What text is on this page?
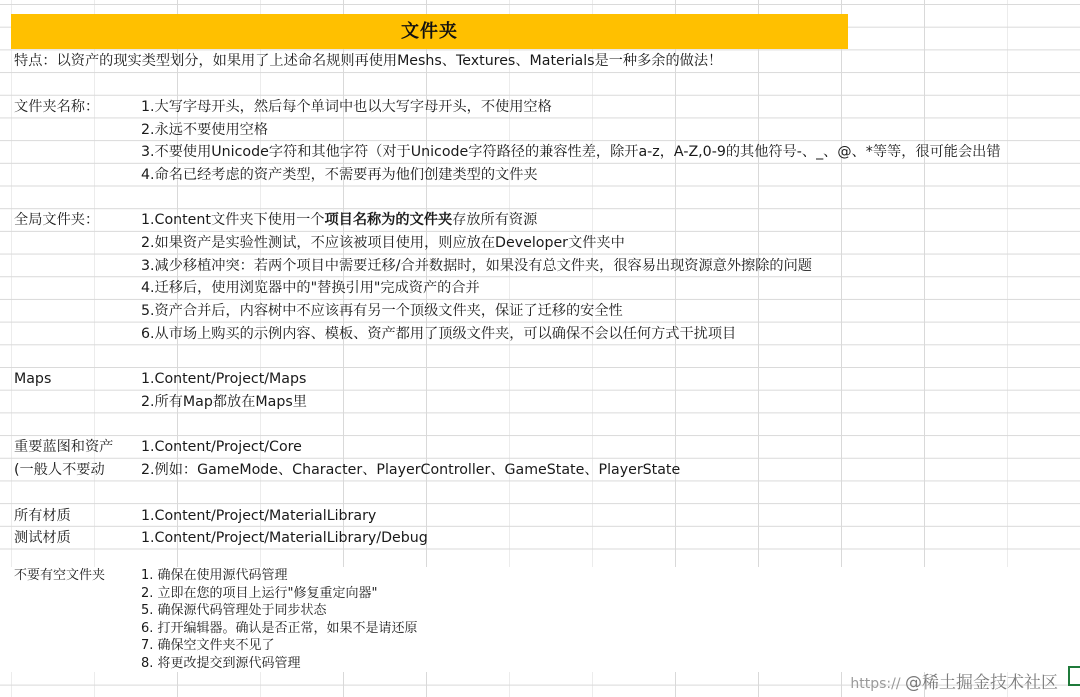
文件夹
特点：以资产的现实类型划分，如果用了上述命名规则再使用Meshs、Textures、Materials是一种多余的做法！
文件夹名称：	1.大写字母开头，然后每个单词中也以大写字母开头，不使用空格
2.永远不要使用空格
3.不要使用Unicode字符和其他字符（对于Unicode字符路径的兼容性差，除开a-z，A-Z,0-9的其他符号-、_、@、*等等，很可能会出错
4.命名已经考虑的资产类型，不需要再为他们创建类型的文件夹
全局文件夹：	1.Content文件夹下使用一个项目名称为的文件夹存放所有资源
2.如果资产是实验性测试，不应该被项目使用，则应放在Developer文件夹中
3.减少移植冲突：若两个项目中需要迁移/合并数据时，如果没有总文件夹，很容易出现资源意外擦除的问题
4.迁移后，使用浏览器中的"替换引用"完成资产的合并
5.资产合并后，内容树中不应该再有另一个顶级文件夹，保证了迁移的安全性
6.从市场上购买的示例内容、模板、资产都用了顶级文件夹，可以确保不会以任何方式干扰项目
Maps	1.Content/Project/Maps
2.所有Map都放在Maps里
重要蓝图和资产 1.Content/Project/Core
(一般人不要动	2.例如：GameMode、Character、PlayerController、GameState、PlayerState
所有材质	1.Content/Project/MaterialLibrary
测试材质	1.Content/Project/MaterialLibrary/Debug
不要有空文件夹	1. 确保在使用源代码管理
2. 立即在您的项目上运行"修复重定向器"
5. 确保源代码管理处于同步状态
6. 打开编辑器。确认是否正常，如果不是请还原
7. 确保空文件夹不见了
8. 将更改提交到源代码管理
https:// @稀土掘金技术社区
